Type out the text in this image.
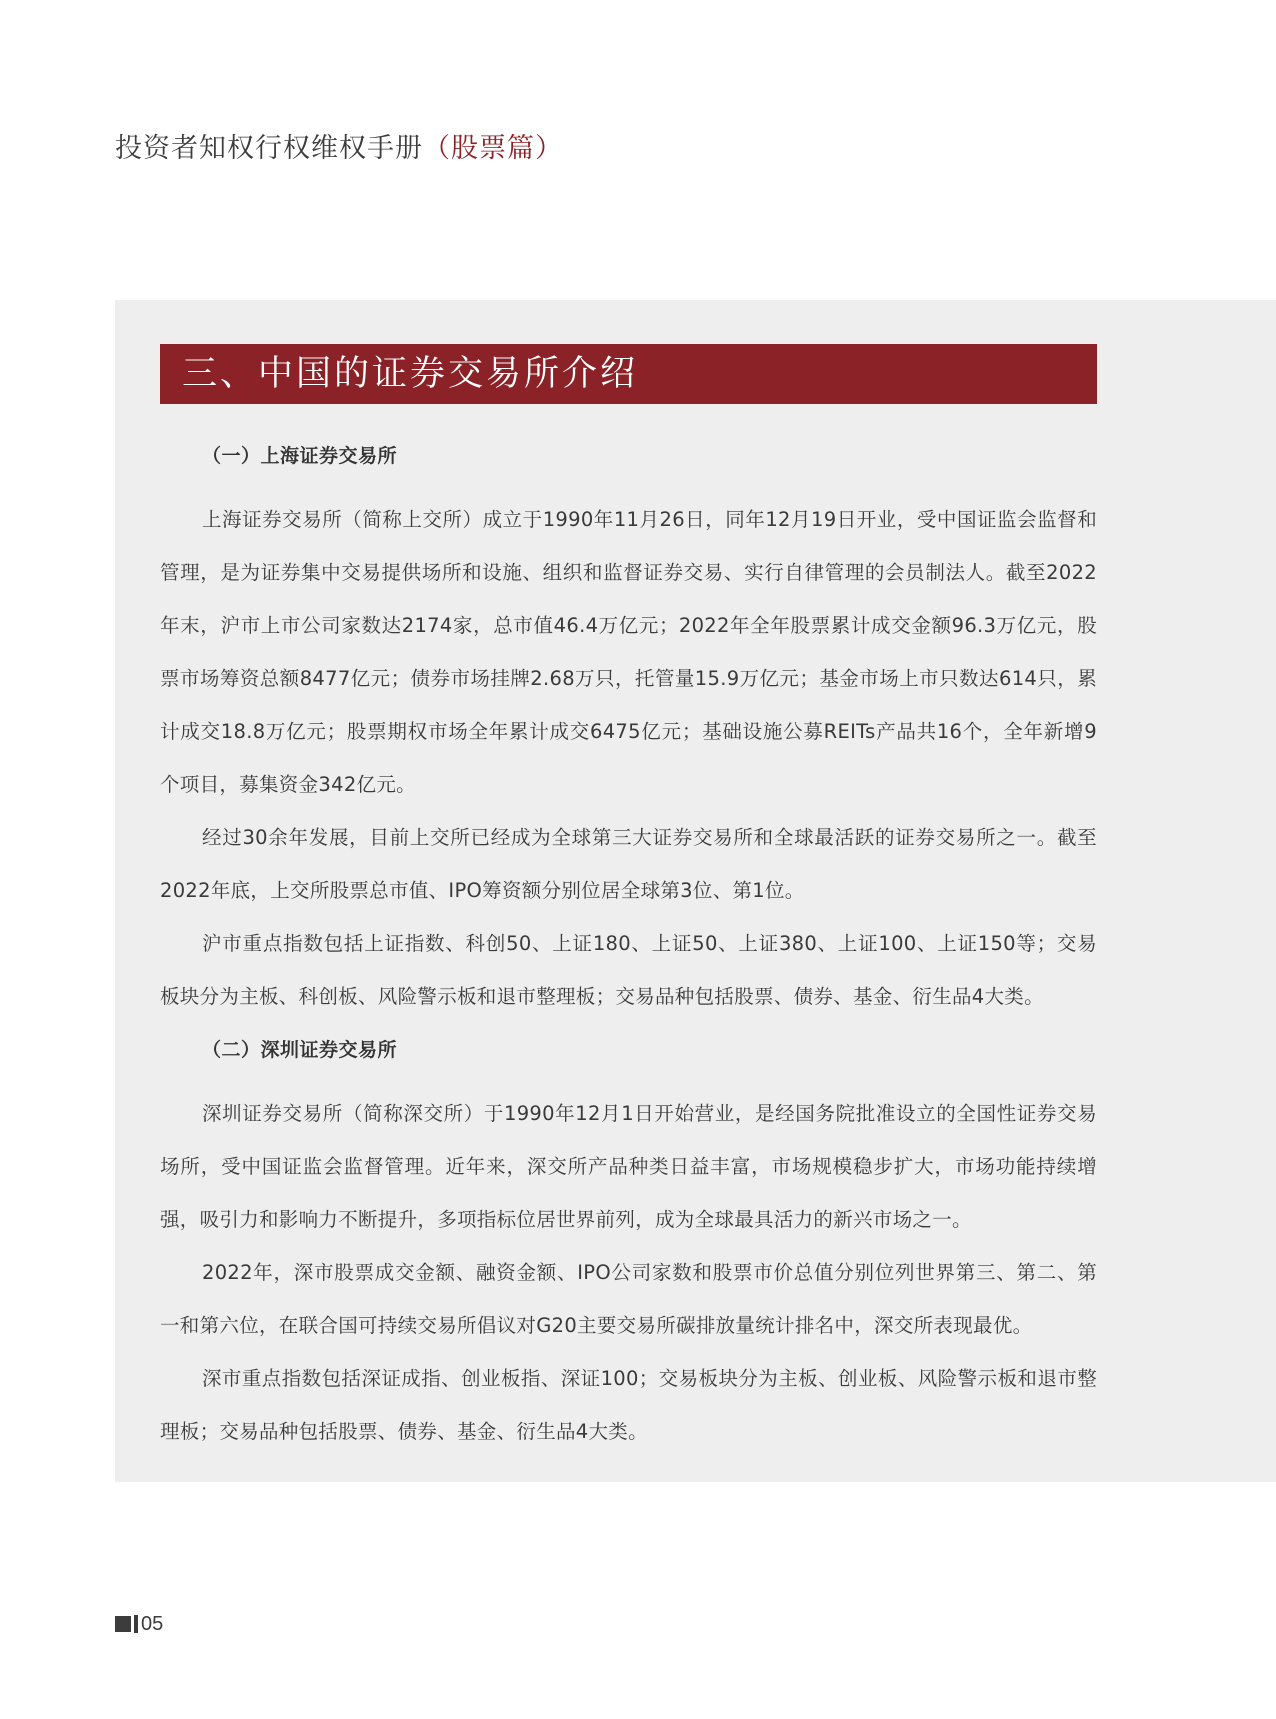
投资者知权行权维权手册（股票篇）
三、中国的证券交易所介绍
（一）上海证券交易所

上海证券交易所（简称上交所）成立于1990年11月26日，同年12月19日开业，受中国证监会监督和管理，是为证券集中交易提供场所和设施、组织和监督证券交易、实行自律管理的会员制法人。截至2022年末，沪市上市公司家数达2174家，总市值46.4万亿元；2022年全年股票累计成交金额96.3万亿元，股票市场筹资总额8477亿元；债券市场挂牌2.68万只，托管量15.9万亿元；基金市场上市只数达614只，累计成交18.8万亿元；股票期权市场全年累计成交6475亿元；基础设施公募REITs产品共16个，全年新增9个项目，募集资金342亿元。

经过30余年发展，目前上交所已经成为全球第三大证券交易所和全球最活跃的证券交易所之一。截至2022年底，上交所股票总市值、IPO筹资额分别位居全球第3位、第1位。

沪市重点指数包括上证指数、科创50、上证180、上证50、上证380、上证100、上证150等；交易板块分为主板、科创板、风险警示板和退市整理板；交易品种包括股票、债券、基金、衍生品4大类。

（二）深圳证券交易所

深圳证券交易所（简称深交所）于1990年12月1日开始营业，是经国务院批准设立的全国性证券交易场所，受中国证监会监督管理。近年来，深交所产品种类日益丰富，市场规模稳步扩大，市场功能持续增强，吸引力和影响力不断提升，多项指标位居世界前列，成为全球最具活力的新兴市场之一。

2022年，深市股票成交金额、融资金额、IPO公司家数和股票市价总值分别位列世界第三、第二、第一和第六位，在联合国可持续交易所倡议对G20主要交易所碳排放量统计排名中，深交所表现最优。

深市重点指数包括深证成指、创业板指、深证100；交易板块分为主板、创业板、风险警示板和退市整理板；交易品种包括股票、债券、基金、衍生品4大类。

05
